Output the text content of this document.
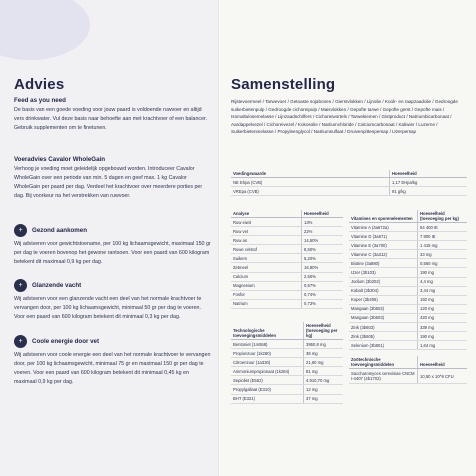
Advies
Feed as you need
De basis van een goede voeding voor jouw paard is voldoende ruwvoer en altijd vers drinkwater. Vul deze basis naar behoefte aan met krachtvoer of een balancer. Gebruik supplementen om te finetunen.
Voeradvies Cavalor WholeGain
Verhoog je voeding moet geleidelijk opgebouwd worden. Introduceer Cavalor WholeGain over een periode van min. 5 dagen en geef max. 1 kg Cavalor WholeGain per paard per dag. Verdeel het krachtvoer over meerdere porties per dag. Bij voorkeur na het verstrekken van ruwvoer.
+	Gezond aankomen
Wij adviseren voor gewichtstoename, per 100 kg lichaamsgewicht, maximaal 150 gr per dag te voeren bovenop het gewone rantsoen. Voor een paard van 600 kilogram betekent dit maximaal 0,9 kg per dag.
+	Glanzende vacht
Wij adviseren voor een glanzende vacht een deel van het normale krachtvoer te vervangen door, per 100 kg lichaamsgewicht, minimaal 50 gr per dag te voeren. Voor een paard van 600 kilogram betekent dit minimaal 0,3 kg per dag.
+	Coole energie door vet
Wij adviseren voor coole energie een deel van het normale krachtvoer te vervangen door, per 100 kg lichaamsgewicht, minimaal 75 gr en maximaal 150 gr per dag te voeren. Voor een paard van 600 kilogram betekent dit minimaal 0,45 kg en maximaal 0,9 kg per dag.
Samenstelling
Rijstevoermeel / Tarwevoer / Getoaste sojabonen / Gierstvlokken / Lijnolie / Koolr- en raapzaadolie / Gedroogde suikerbietenpulp / Gedroogde cichoreipulp / Maisvlokken / Gepofte tarwe / Gepofte gerst / Gepofte mais / Isomaltulosemelasse / Lijnzaadschilfers / Cichoreiwortels / Tarwekiemen / Gistproduct / Natriumbicarbonaat / Aardappelvezel / Cichoreivezel / Kokosolie / Natriumchloride / Calciumcarbonaat / Kaliwier / Luzerne / Suikerbietenmelasse / Propyleenglycol / Natriumsulfaat / Druivenpittenpersap / IJzerpersap
Voedingswaarde	Hoeveelheid
NE Ehpa (CVB)	1,17 EHpa/kg
VREpa (CVB)	91 g/kg
Analyse	Hoeveelheid
Ruw eiwit	13%
Ruw vet	22%
Ruw as	14,50%
Ruwe celstof	8,50%
Suikers	5,20%
Zetmeel	16,80%
Calcium	2,50%
Magnesium	0,67%
Fosfor	0,74%
Natrium	0,73%
Vitamines en sporenelementen	Hoeveelheid (toevoeging per kg)
Vitamine A (3a672a)	54 400 IE
Vitamine D (3a671)	7 800 IE
Vitamine E (3a700)	1 415 mg
Vitamine C (3a312)	33 mg
Biotine (3a880)	0,560 mg
IJzer (3b103)	190 mg
Jodium (3b202)	4,4 mg
Kobalt (3b304)	3,44 mg
Koper (3b405)	192 mg
Mangaan (3b502)	120 mg
Mangaan (3b503)	420 mg
Zink (3b603)	339 mg
Zink (3b605)	190 mg
Selenium (3b801)	1,64 mg
Technologische toevoegingsmiddelen	Hoeveelheid (toevoeging per kg)
Bentoniet (1m558)	3950,8 mg
Propionzuur (1k280)	36 mg
Citroenzuur (1a330)	21,60 mg
Ammoniumpropionaat (1k284)	81 mg
Sepioliet (E562)	4.910,70 mg
Propylgallaat (E310)	12 mg
BHT (E321)	37 mg
Zoötechnische toevoegingsmiddelen	Hoeveelheid
Saccharomyces cerevisiae CNCM I-4407 (4b1702)	10,50 x 10^9 CFU
